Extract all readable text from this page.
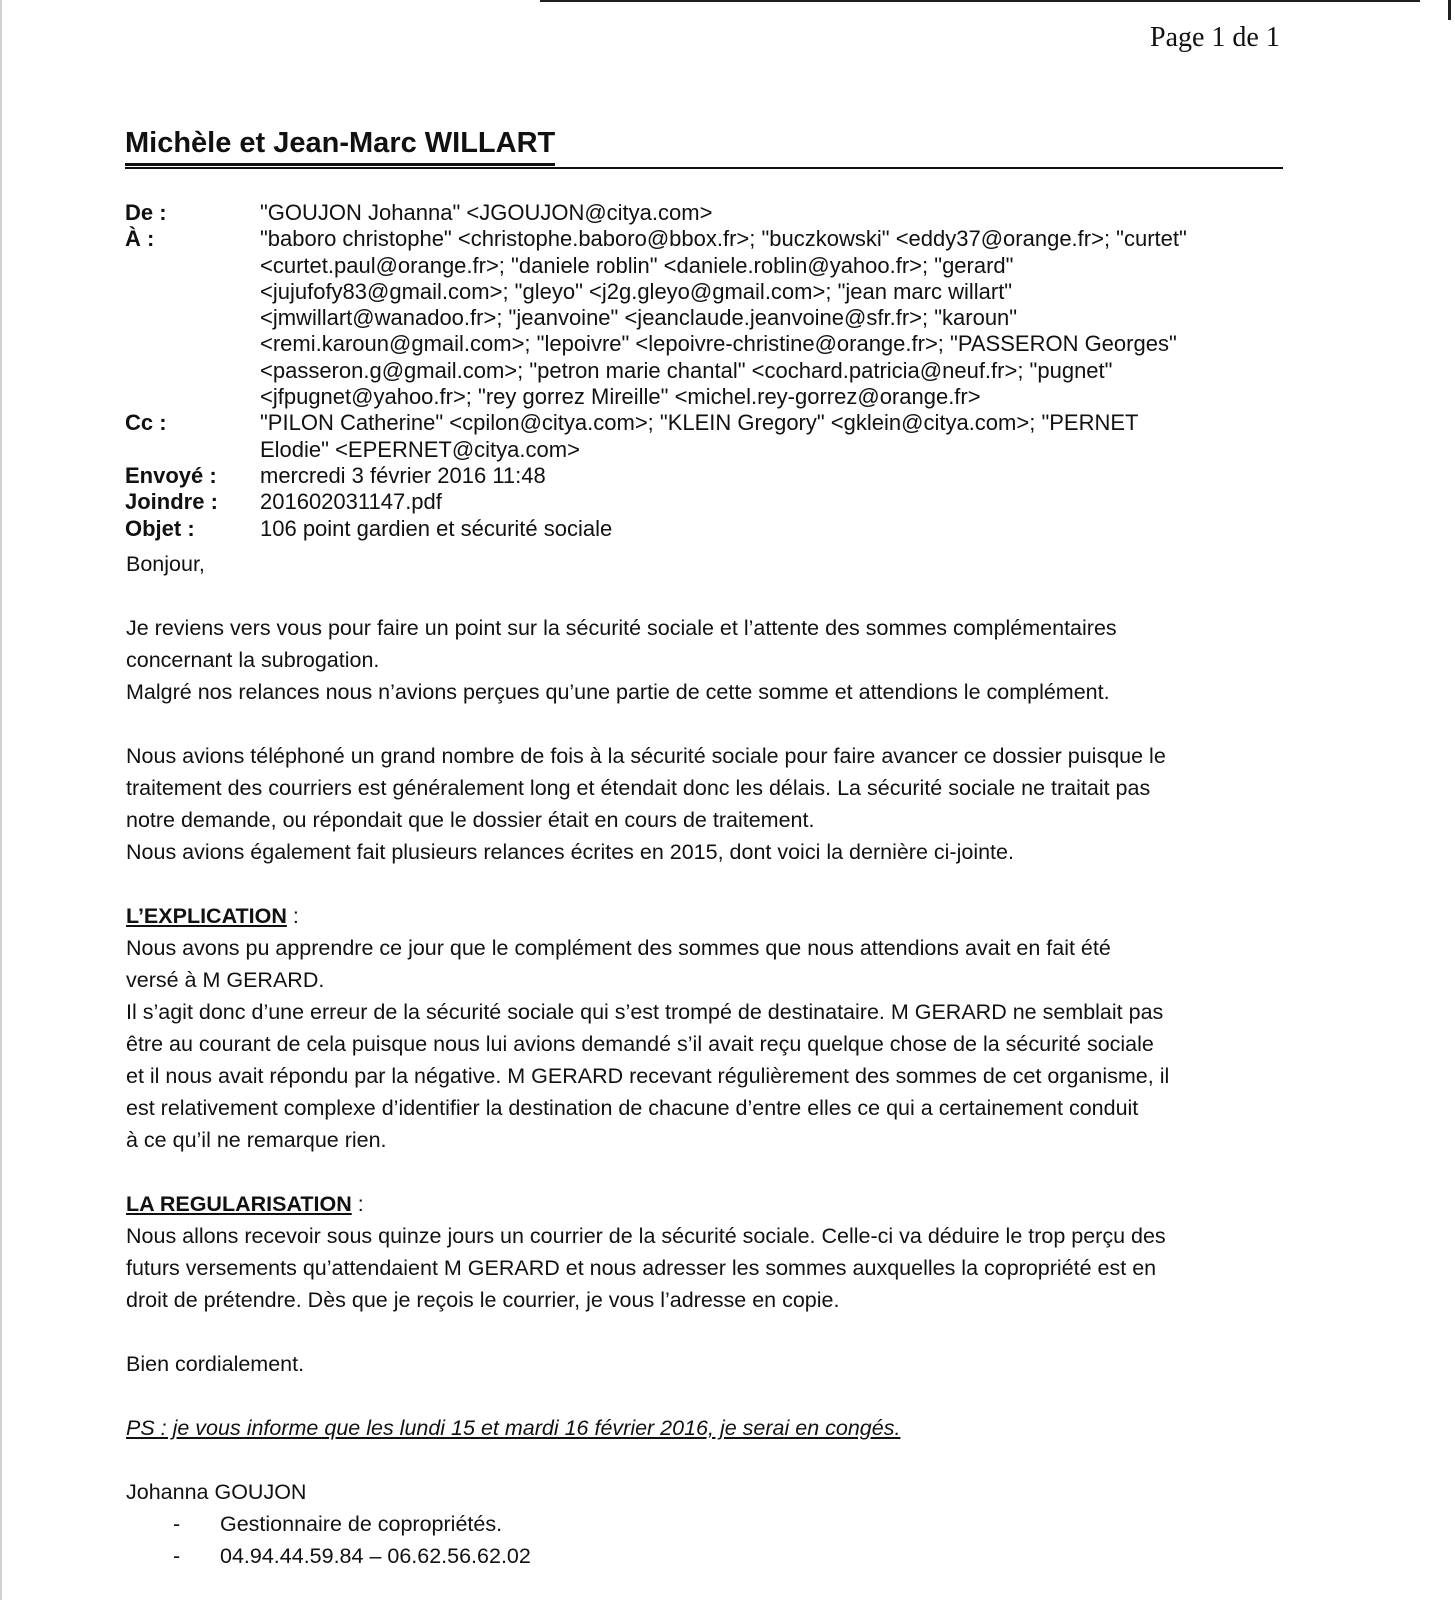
Page 1 de 1
Michèle et Jean-Marc WILLART
De :	"GOUJON Johanna" <JGOUJON@citya.com>
À :	"baboro christophe" <christophe.baboro@bbox.fr>; "buczkowski" <eddy37@orange.fr>; "curtet"
<curtet.paul@orange.fr>; "daniele roblin" <daniele.roblin@yahoo.fr>; "gerard"
<jujufofy83@gmail.com>; "gleyo" <j2g.gleyo@gmail.com>; "jean marc willart"
<jmwillart@wanadoo.fr>; "jeanvoine" <jeanclaude.jeanvoine@sfr.fr>; "karoun"
<remi.karoun@gmail.com>; "lepoivre" <lepoivre-christine@orange.fr>; "PASSERON Georges"
<passeron.g@gmail.com>; "petron marie chantal" <cochard.patricia@neuf.fr>; "pugnet"
<jfpugnet@yahoo.fr>; "rey gorrez Mireille" <michel.rey-gorrez@orange.fr>
Cc :	"PILON Catherine" <cpilon@citya.com>; "KLEIN Gregory" <gklein@citya.com>; "PERNET
Elodie" <EPERNET@citya.com>
Envoyé :	mercredi 3 février 2016 11:48
Joindre :	201602031147.pdf
Objet :	106 point gardien et sécurité sociale

Bonjour,

Je reviens vers vous pour faire un point sur la sécurité sociale et l’attente des sommes complémentaires

concernant la subrogation.

Malgré nos relances nous n’avions perçues qu’une partie de cette somme et attendions le complément.

Nous avions téléphoné un grand nombre de fois à la sécurité sociale pour faire avancer ce dossier puisque le

traitement des courriers est généralement long et étendait donc les délais. La sécurité sociale ne traitait pas

notre demande, ou répondait que le dossier était en cours de traitement.

Nous avions également fait plusieurs relances écrites en 2015, dont voici la dernière ci-jointe.

L’EXPLICATION :

Nous avons pu apprendre ce jour que le complément des sommes que nous attendions avait en fait été

versé à M GERARD.

Il s’agit donc d’une erreur de la sécurité sociale qui s’est trompé de destinataire. M GERARD ne semblait pas

être au courant de cela puisque nous lui avions demandé s’il avait reçu quelque chose de la sécurité sociale

et il nous avait répondu par la négative. M GERARD recevant régulièrement des sommes de cet organisme, il

est relativement complexe d’identifier la destination de chacune d’entre elles ce qui a certainement conduit

à ce qu’il ne remarque rien.

LA REGULARISATION :

Nous allons recevoir sous quinze jours un courrier de la sécurité sociale. Celle-ci va déduire le trop perçu des

futurs versements qu’attendaient M GERARD et nous adresser les sommes auxquelles la copropriété est en

droit de prétendre. Dès que je reçois le courrier, je vous l’adresse en copie.

Bien cordialement.

PS : je vous informe que les lundi 15 et mardi 16 février 2016, je serai en congés.

Johanna GOUJON

-	Gestionnaire de copropriétés.
-	04.94.44.59.84 – 06.62.56.62.02
